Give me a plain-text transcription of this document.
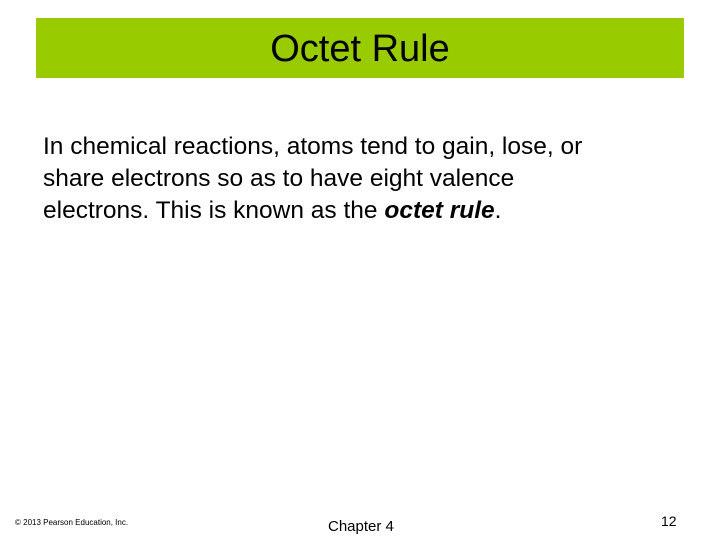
Octet Rule
In chemical reactions, atoms tend to gain, lose, or
share electrons so as to have eight valence
electrons. This is known as the octet rule.
© 2013 Pearson Education, Inc.	Chapter 4	12
